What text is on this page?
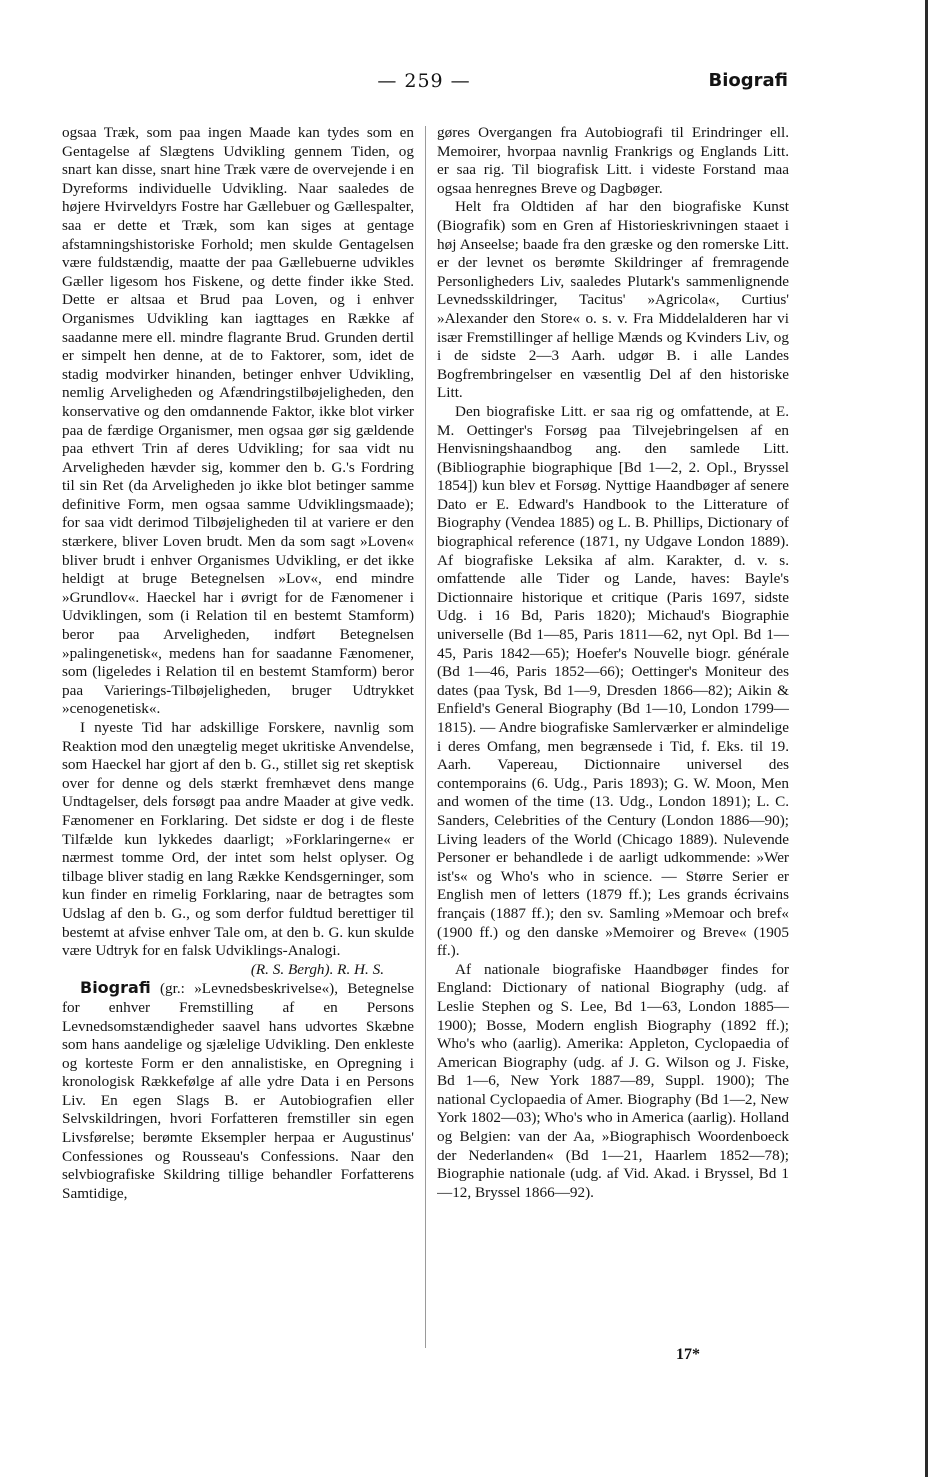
— 259 —	Biografi

ogsaa Træk, som paa ingen Maade kan tydes som en Gentagelse af Slægtens Udvikling gennem Tiden, og snart kan disse, snart hine Træk være de overvejende i en Dyreforms individuelle Udvikling. Naar saaledes de højere Hvirveldyrs Fostre har Gællebuer og Gællespalter, saa er dette et Træk, som kan siges at gentage afstamningshistoriske Forhold; men skulde Gentagelsen være fuldstændig, maatte der paa Gællebuerne udvikles Gæller ligesom hos Fiskene, og dette finder ikke Sted. Dette er altsaa et Brud paa Loven, og i enhver Organismes Udvikling kan iagttages en Række af saadanne mere ell. mindre flagrante Brud. Grunden dertil er simpelt hen denne, at de to Faktorer, som, idet de stadig modvirker hinanden, betinger enhver Udvikling, nemlig Arveligheden og Afændringstilbøjeligheden, den konservative og den omdannende Faktor, ikke blot virker paa de færdige Organismer, men ogsaa gør sig gældende paa ethvert Trin af deres Udvikling; for saa vidt nu Arveligheden hævder sig, kommer den b. G.'s Fordring til sin Ret (da Arveligheden jo ikke blot betinger samme definitive Form, men ogsaa samme Udviklingsmaade); for saa vidt derimod Tilbøjeligheden til at variere er den stærkere, bliver Loven brudt. Men da som sagt »Loven« bliver brudt i enhver Organismes Udvikling, er det ikke heldigt at bruge Betegnelsen »Lov«, end mindre »Grundlov«. Haeckel har i øvrigt for de Fænomener i Udviklingen, som (i Relation til en bestemt Stamform) beror paa Arveligheden, indført Betegnelsen »palingenetisk«, medens han for saadanne Fænomener, som (ligeledes i Relation til en bestemt Stamform) beror paa Varierings-Tilbøjeligheden, bruger Udtrykket »cenogenetisk«.

I nyeste Tid har adskillige Forskere, navnlig som Reaktion mod den unægtelig meget ukritiske Anvendelse, som Haeckel har gjort af den b. G., stillet sig ret skeptisk over for denne og dels stærkt fremhævet dens mange Undtagelser, dels forsøgt paa andre Maader at give vedk. Fænomener en Forklaring. Det sidste er dog i de fleste Tilfælde kun lykkedes daarligt; »Forklaringerne« er nærmest tomme Ord, der intet som helst oplyser. Og tilbage bliver stadig en lang Række Kendsgerninger, som kun finder en rimelig Forklaring, naar de betragtes som Udslag af den b. G., og som derfor fuldtud berettiger til bestemt at afvise enhver Tale om, at den b. G. kun skulde være Udtryk for en falsk Udviklings-Analogi.

(R. S. Bergh). R. H. S.

Biografi (gr.: »Levnedsbeskrivelse«), Betegnelse for enhver Fremstilling af en Persons Levnedsomstændigheder saavel hans udvortes Skæbne som hans aandelige og sjælelige Udvikling. Den enkleste og korteste Form er den annalistiske, en Opregning i kronologisk Rækkefølge af alle ydre Data i en Persons Liv. En egen Slags B. er Autobiografien eller Selvskildringen, hvori Forfatteren fremstiller sin egen Livsførelse; berømte Eksempler herpaa er Augustinus' Confessiones og Rousseau's Confessions. Naar den selvbiografiske Skildring tillige behandler Forfatterens Samtidige,

gøres Overgangen fra Autobiografi til Erindringer ell. Memoirer, hvorpaa navnlig Frankrigs og Englands Litt. er saa rig. Til biografisk Litt. i videste Forstand maa ogsaa henregnes Breve og Dagbøger.

Helt fra Oldtiden af har den biografiske Kunst (Biografik) som en Gren af Historieskrivningen staaet i høj Anseelse; baade fra den græske og den romerske Litt. er der levnet os berømte Skildringer af fremragende Personligheders Liv, saaledes Plutark's sammenlignende Levnedsskildringer, Tacitus' »Agricola«, Curtius' »Alexander den Store« o. s. v. Fra Middelalderen har vi især Fremstillinger af hellige Mænds og Kvinders Liv, og i de sidste 2—3 Aarh. udgør B. i alle Landes Bogfrembringelser en væsentlig Del af den historiske Litt.

Den biografiske Litt. er saa rig og omfattende, at E. M. Oettinger's Forsøg paa Tilvejebringelsen af en Henvisningshaandbog ang. den samlede Litt. (Bibliographie biographique [Bd 1—2, 2. Opl., Bryssel 1854]) kun blev et Forsøg. Nyttige Haandbøger af senere Dato er E. Edward's Handbook to the Litterature of Biography (Vendea 1885) og L. B. Phillips, Dictionary of biographical reference (1871, ny Udgave London 1889). Af biografiske Leksika af alm. Karakter, d. v. s. omfattende alle Tider og Lande, haves: Bayle's Dictionnaire historique et critique (Paris 1697, sidste Udg. i 16 Bd, Paris 1820); Michaud's Biographie universelle (Bd 1—85, Paris 1811—62, nyt Opl. Bd 1—45, Paris 1842—65); Hoefer's Nouvelle biogr. générale (Bd 1—46, Paris 1852—66); Oettinger's Moniteur des dates (paa Tysk, Bd 1—9, Dresden 1866—82); Aikin & Enfield's General Biography (Bd 1—10, London 1799—1815). — Andre biografiske Samlerværker er almindelige i deres Omfang, men begrænsede i Tid, f. Eks. til 19. Aarh. Vapereau, Dictionnaire universel des contemporains (6. Udg., Paris 1893); G. W. Moon, Men and women of the time (13. Udg., London 1891); L. C. Sanders, Celebrities of the Century (London 1886—90); Living leaders of the World (Chicago 1889). Nulevende Personer er behandlede i de aarligt udkommende: »Wer ist's« og Who's who in science. — Større Serier er English men of letters (1879 ff.); Les grands écrivains français (1887 ff.); den sv. Samling »Memoar och bref« (1900 ff.) og den danske »Memoirer og Breve« (1905 ff.).

Af nationale biografiske Haandbøger findes for England: Dictionary of national Biography (udg. af Leslie Stephen og S. Lee, Bd 1—63, London 1885—1900); Bosse, Modern english Biography (1892 ff.); Who's who (aarlig). Amerika: Appleton, Cyclopaedia of American Biography (udg. af J. G. Wilson og J. Fiske, Bd 1—6, New York 1887—89, Suppl. 1900); The national Cyclopaedia of Amer. Biography (Bd 1—2, New York 1802—03); Who's who in America (aarlig). Holland og Belgien: van der Aa, »Biographisch Woordenboeck der Nederlanden« (Bd 1—21, Haarlem 1852—78); Biographie nationale (udg. af Vid. Akad. i Bryssel, Bd 1—12, Bryssel 1866—92).

17*
